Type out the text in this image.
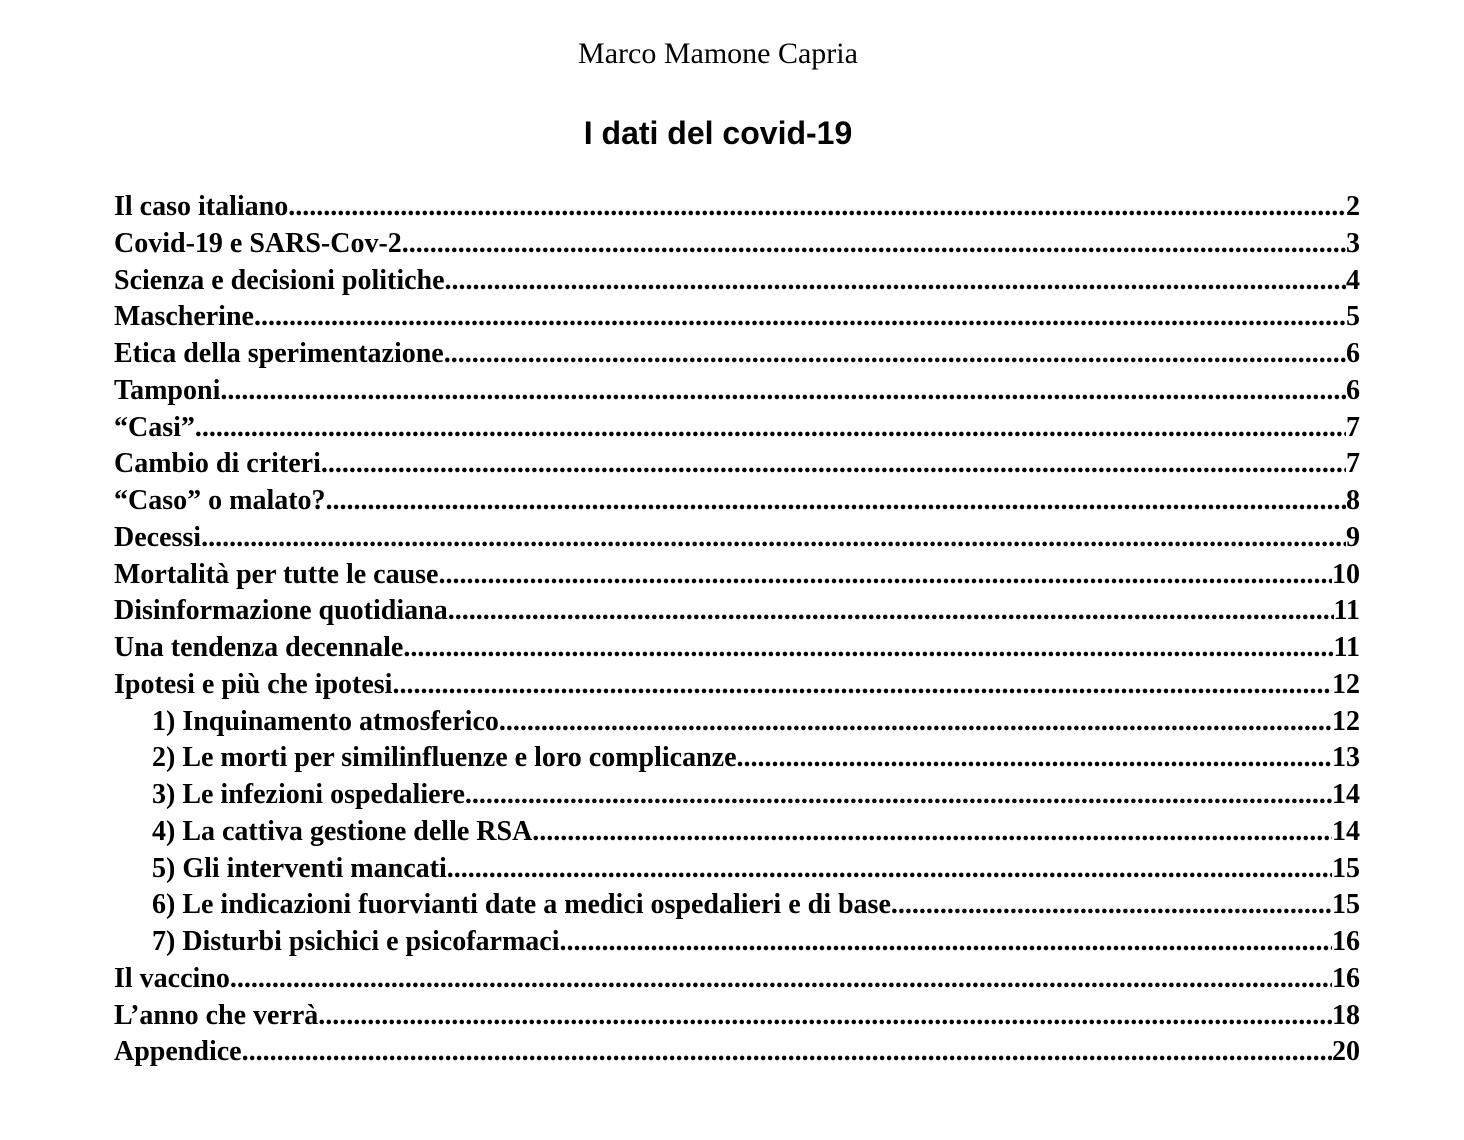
Marco Mamone Capria
I dati del covid-19
Il caso italiano .....	2
Covid-19 e SARS-Cov-2 .....	3
Scienza e decisioni politiche .....	4
Mascherine .....	5
Etica della sperimentazione .....	6
Tamponi .....	6
“Casi” .....	7
Cambio di criteri .....	7
“Caso” o malato? .....	8
Decessi .....	9
Mortalità per tutte le cause .....	10
Disinformazione quotidiana .....	11
Una tendenza decennale .....	11
Ipotesi e più che ipotesi .....	12
1) Inquinamento atmosferico .....	12
2) Le morti per similinfluenze e loro complicanze .....	13
3) Le infezioni ospedaliere .....	14
4) La cattiva gestione delle RSA .....	14
5) Gli interventi mancati .....	15
6) Le indicazioni fuorvianti date a medici ospedalieri e di base .....	15
7) Disturbi psichici e psicofarmaci .....	16
Il vaccino .....	16
L’anno che verrà .....	18
Appendice .....	20
